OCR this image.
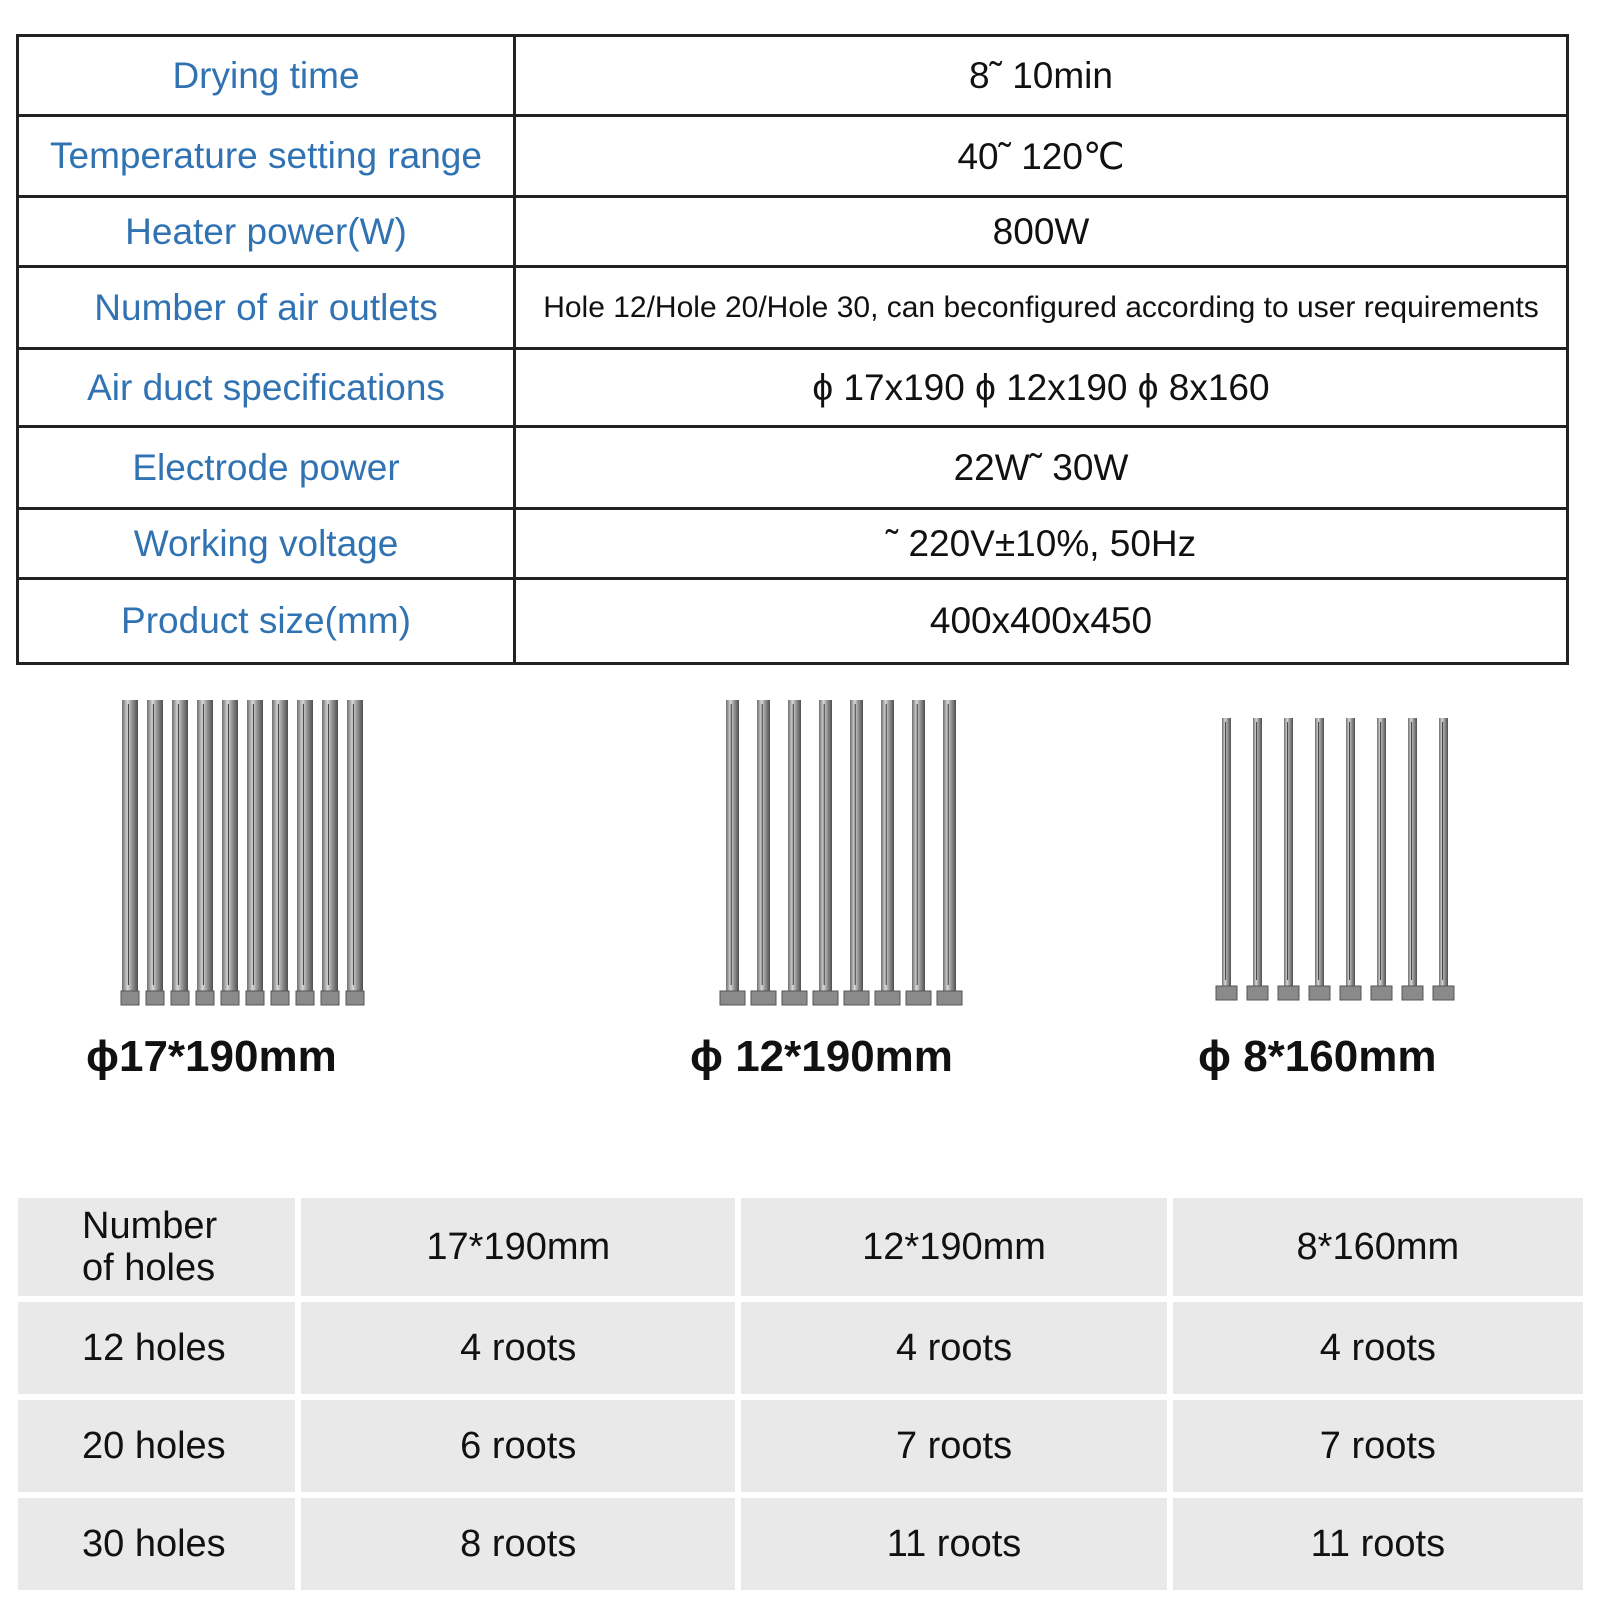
Drying time	8˜ 10min
Temperature setting range	40˜ 120℃
Heater power(W)	800W
Number of air outlets	Hole 12/Hole 20/Hole 30, can be configured according to user requirements
Air duct specifications	ϕ 17x190 ϕ 12x190 ϕ 8x160
Electrode power	22W˜ 30W
Working voltage	˜ 220V±10%, 50Hz
Product size(mm)	400x400x450
ϕ17*190mm	ϕ 12*190mm	ϕ 8*160mm
Number
of holes
17*190mm	12*190mm	8*160mm
12 holes	4 roots	4 roots	4 roots
20 holes	6 roots	7 roots	7 roots
30 holes	8 roots	11 roots	11 roots
